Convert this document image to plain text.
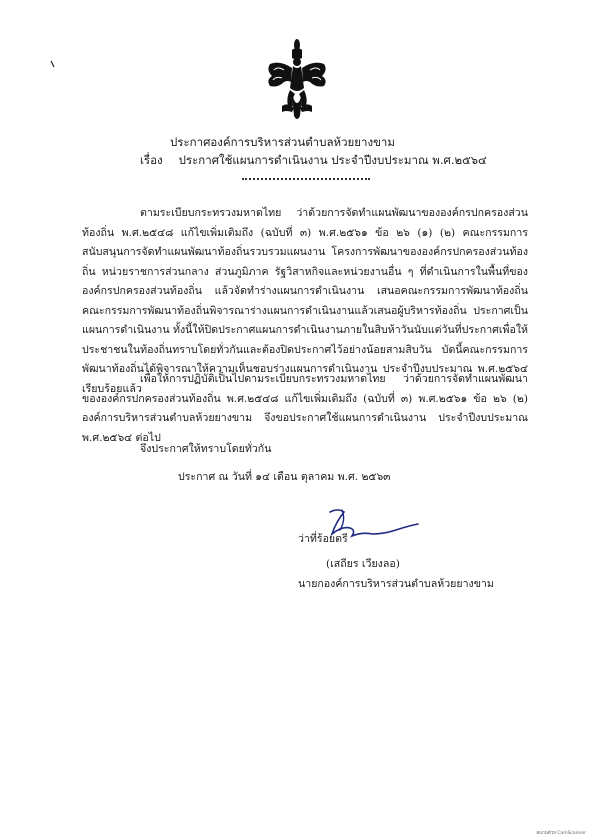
ประกาศองค์การบริหารส่วนตำบลห้วยยางขาม
เรื่อง ประกาศใช้แผนการดำเนินงาน ประจำปีงบประมาณ พ.ศ.๒๕๖๔
ตามระเบียบกระทรวงมหาดไทย ว่าด้วยการจัดทำแผนพัฒนาขององค์กรปกครองส่วนท้องถิ่น พ.ศ.๒๕๔๘ แก้ไขเพิ่มเติมถึง (ฉบับที่ ๓) พ.ศ.๒๕๖๑ ข้อ ๒๖ (๑) (๒) คณะกรรมการสนับสนุนการจัดทำแผนพัฒนาท้องถิ่นรวบรวมแผนงาน โครงการพัฒนาขององค์กรปกครองส่วนท้องถิ่น หน่วยราชการส่วนกลาง ส่วนภูมิภาค รัฐวิสาหกิจและหน่วยงานอื่น ๆ ที่ดำเนินการในพื้นที่ขององค์กรปกครองส่วนท้องถิ่น แล้วจัดทำร่างแผนการดำเนินงาน เสนอคณะกรรมการพัฒนาท้องถิ่น คณะกรรมการพัฒนาท้องถิ่นพิจารณาร่างแผนการดำเนินงานแล้วเสนอผู้บริหารท้องถิ่น ประกาศเป็นแผนการดำเนินงาน ทั้งนี้ให้ปิดประกาศแผนการดำเนินงานภายในสิบห้าวันนับแต่วันที่ประกาศเพื่อให้ประชาชนในท้องถิ่นทราบโดยทั่วกันและต้องปิดประกาศไว้อย่างน้อยสามสิบวัน บัดนี้คณะกรรมการพัฒนาท้องถิ่นได้พิจารณาให้ความเห็นชอบร่างแผนการดำเนินงาน ประจำปีงบประมาณ พ.ศ.๒๕๖๔ เรียบร้อยแล้ว
เพื่อให้การปฏิบัติเป็นไปตามระเบียบกระทรวงมหาดไทย ว่าด้วยการจัดทำแผนพัฒนาขององค์กรปกครองส่วนท้องถิ่น พ.ศ.๒๕๔๘ แก้ไขเพิ่มเติมถึง (ฉบับที่ ๓) พ.ศ.๒๕๖๑ ข้อ ๒๖ (๒) องค์การบริหารส่วนตำบลห้วยยางขาม จึงขอประกาศใช้แผนการดำเนินงาน ประจำปีงบประมาณ พ.ศ.๒๕๖๔ ต่อไป
จึงประกาศให้ทราบโดยทั่วกัน
ประกาศ ณ วันที่ ๑๔ เดือน ตุลาคม พ.ศ. ๒๕๖๓
ว่าที่ร้อยตรี
(เสถียร เวียงลอ)
นายกองค์การบริหารส่วนตำบลห้วยยางขาม
สแกนด้วย CamScanner
